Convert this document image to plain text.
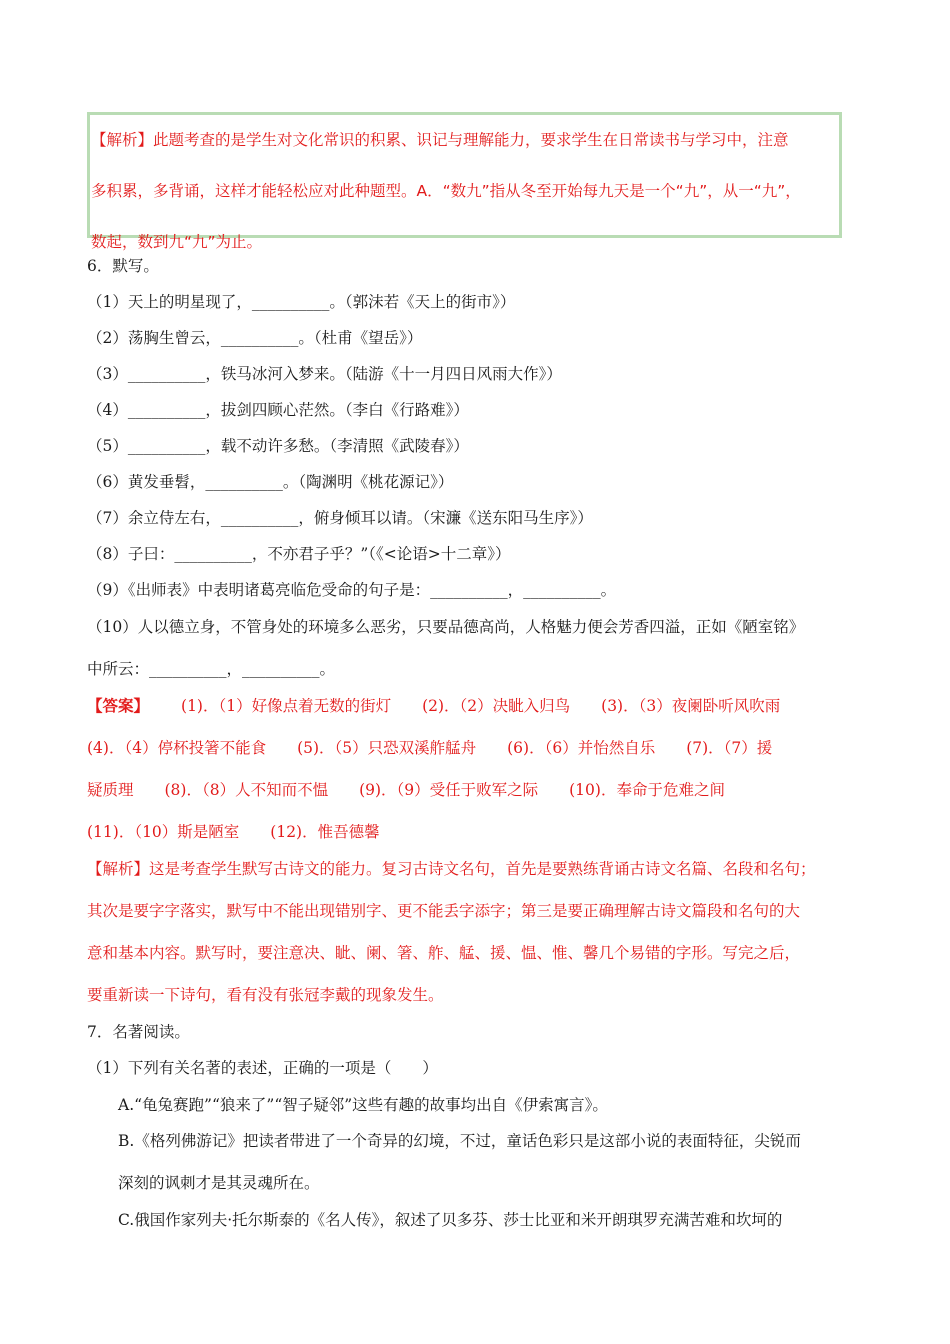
【解析】此题考查的是学生对文化常识的积累、识记与理解能力，要求学生在日常读书与学习中，注意

多积累，多背诵，这样才能轻松应对此种题型。A．“数九”指从冬至开始每九天是一个“九”，从一“九”，

数起，数到九“九”为止。

6．默写。
（1）天上的明星现了，__________。（郭沫若《天上的街市》）
（2）荡胸生曾云，__________。（杜甫《望岳》）
（3）__________，铁马冰河入梦来。（陆游《十一月四日风雨大作》）
（4）__________，拔剑四顾心茫然。（李白《行路难》）
（5）__________，载不动许多愁。（李清照《武陵春》）
（6）黄发垂髫，__________。（陶渊明《桃花源记》）
（7）余立侍左右，__________，俯身倾耳以请。（宋濂《送东阳马生序》）
（8）子曰：__________，不亦君子乎？”（《<论语>十二章》）
（9）《出师表》中表明诸葛亮临危受命的句子是：__________，__________。
（10）人以德立身，不管身处的环境多么恶劣，只要品德高尚，人格魅力便会芳香四溢，正如《陋室铭》
中所云：__________，__________。
【答案】 (1)．（1）好像点着无数的街灯　　(2)．（2）决眦入归鸟　　(3)．（3）夜阑卧听风吹雨
(4)．（4）停杯投箸不能食　　(5)．（5）只恐双溪舴艋舟　　(6)．（6）并怡然自乐　　(7)．（7）援
疑质理　　(8)．（8）人不知而不愠　　(9)．（9）受任于败军之际　　(10)．奉命于危难之间
(11)．（10）斯是陋室　　(12)．惟吾德馨
【解析】这是考查学生默写古诗文的能力。复习古诗文名句，首先是要熟练背诵古诗文名篇、名段和名句；
其次是要字字落实，默写中不能出现错别字、更不能丢字添字；第三是要正确理解古诗文篇段和名句的大
意和基本内容。默写时，要注意决、眦、阑、箸、舴、艋、援、愠、惟、馨几个易错的字形。写完之后，
要重新读一下诗句，看有没有张冠李戴的现象发生。
7．名著阅读。
（1）下列有关名著的表述，正确的一项是（　　）
A.“龟兔赛跑”“狼来了”“智子疑邻”这些有趣的故事均出自《伊索寓言》。
B.《格列佛游记》把读者带进了一个奇异的幻境，不过，童话色彩只是这部小说的表面特征，尖锐而
深刻的讽刺才是其灵魂所在。
C.俄国作家列夫·托尔斯泰的《名人传》，叙述了贝多芬、莎士比亚和米开朗琪罗充满苦难和坎坷的
